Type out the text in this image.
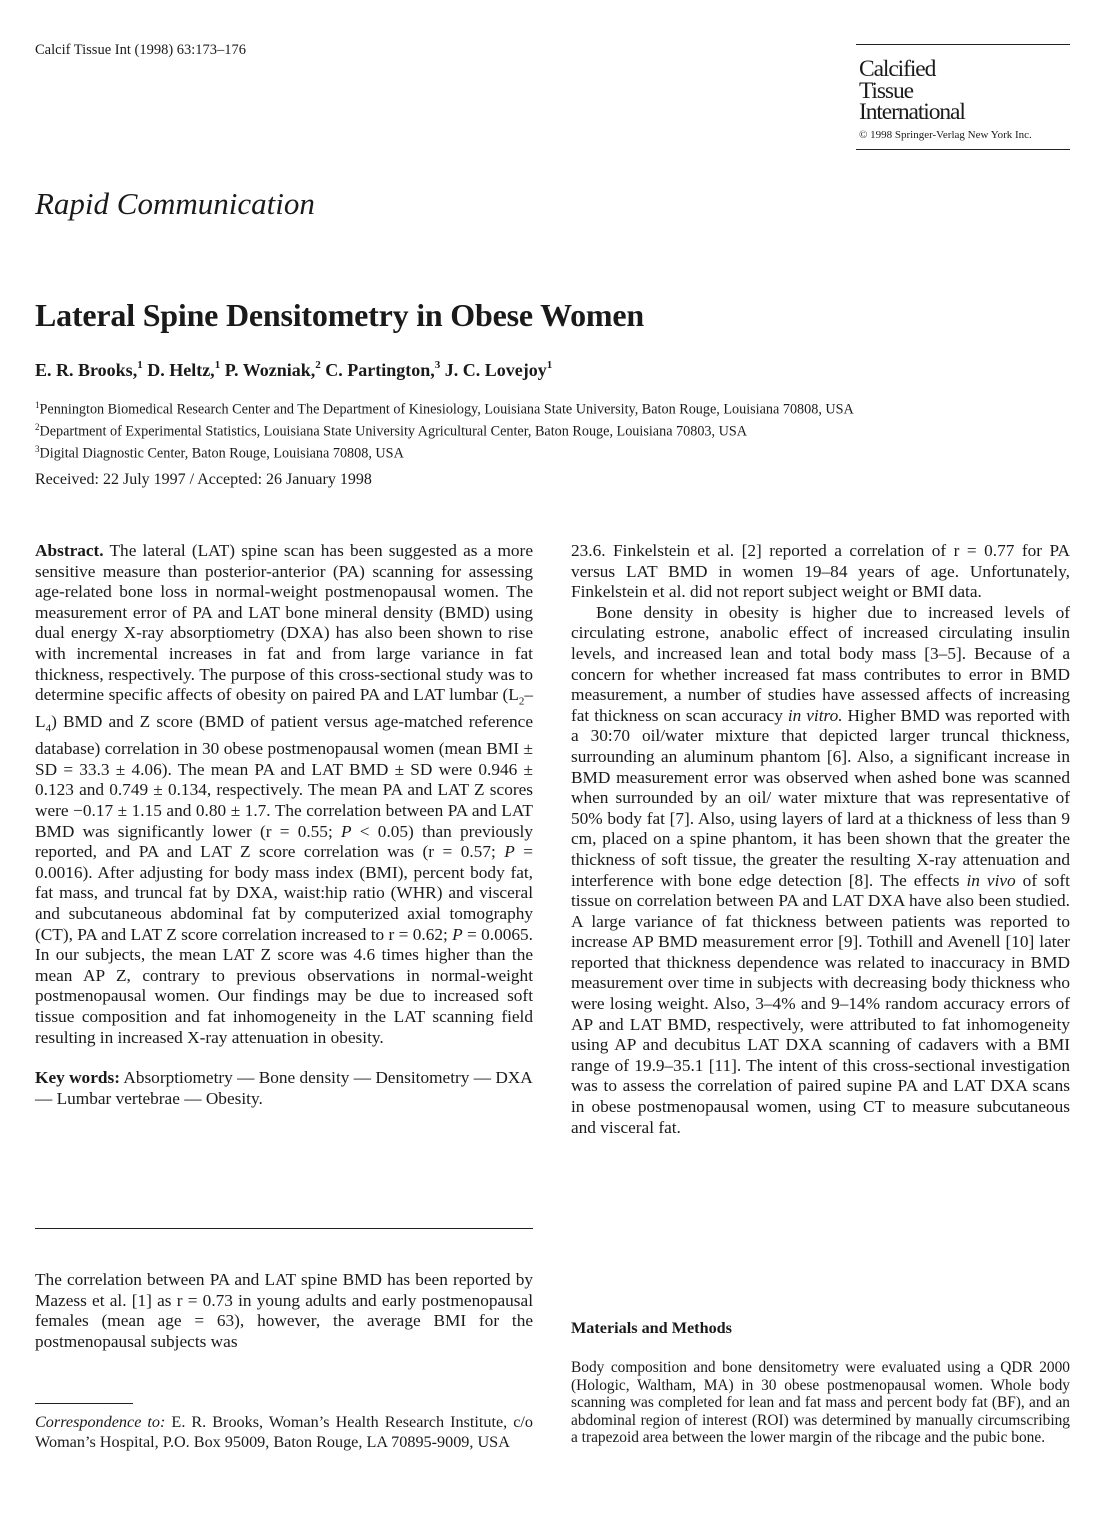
Calcif Tissue Int (1998) 63:173–176
Calcified
Tissue
International
© 1998 Springer-Verlag New York Inc.
Rapid Communication
Lateral Spine Densitometry in Obese Women
E. R. Brooks,$^1$ D. Heltz,$^1$ P. Wozniak,$^2$ C. Partington,$^3$ J. C. Lovejoy$^1$
$^1$Pennington Biomedical Research Center and The Department of Kinesiology, Louisiana State University, Baton Rouge, Louisiana 70808, USA
$^2$Department of Experimental Statistics, Louisiana State University Agricultural Center, Baton Rouge, Louisiana 70803, USA
$^3$Digital Diagnostic Center, Baton Rouge, Louisiana 70808, USA
Received: 22 July 1997 / Accepted: 26 January 1998

Abstract. The lateral (LAT) spine scan has been suggested as a more sensitive measure than posterior-anterior (PA) scanning for assessing age-related bone loss in normal-weight postmenopausal women. The measurement error of PA and LAT bone mineral density (BMD) using dual energy X-ray absorptiometry (DXA) has also been shown to rise with incremental increases in fat and from large variance in fat thickness, respectively. The purpose of this cross-sectional study was to determine specific affects of obesity on paired PA and LAT lumbar $(L_2-L_4)$ BMD and Z score (BMD of patient versus age-matched reference database) correlation in 30 obese postmenopausal women (mean BMI ± SD = 33.3 ± 4.06). The mean PA and LAT BMD ± SD were 0.946 ± 0.123 and 0.749 ± 0.134, respectively. The mean PA and LAT Z scores were −0.17 ± 1.15 and 0.80 ± 1.7. The correlation between PA and LAT BMD was significantly lower (r = 0.55; P < 0.05) than previously reported, and PA and LAT Z score correlation was (r = 0.57; P = 0.0016). After adjusting for body mass index (BMI), percent body fat, fat mass, and truncal fat by DXA, waist:hip ratio (WHR) and visceral and subcutaneous abdominal fat by computerized axial tomography (CT), PA and LAT Z score correlation increased to r = 0.62; P = 0.0065. In our subjects, the mean LAT Z score was 4.6 times higher than the mean AP Z, contrary to previous observations in normal-weight postmenopausal women. Our findings may be due to increased soft tissue composition and fat inhomogeneity in the LAT scanning field resulting in increased X-ray attenuation in obesity.

Key words: Absorptiometry — Bone density — Densitometry — DXA — Lumbar vertebrae — Obesity.

The correlation between PA and LAT spine BMD has been reported by Mazess et al. [1] as r = 0.73 in young adults and early postmenopausal females (mean age = 63), however, the average BMI for the postmenopausal subjects was

Correspondence to: E. R. Brooks, Woman’s Health Research Institute, c/o Woman’s Hospital, P.O. Box 95009, Baton Rouge, LA 70895-9009, USA

23.6. Finkelstein et al. [2] reported a correlation of r = 0.77 for PA versus LAT BMD in women 19–84 years of age. Unfortunately, Finkelstein et al. did not report subject weight or BMI data.

Bone density in obesity is higher due to increased levels of circulating estrone, anabolic effect of increased circulating insulin levels, and increased lean and total body mass [3–5]. Because of a concern for whether increased fat mass contributes to error in BMD measurement, a number of studies have assessed affects of increasing fat thickness on scan accuracy in vitro. Higher BMD was reported with a 30:70 oil/water mixture that depicted larger truncal thickness, surrounding an aluminum phantom [6]. Also, a significant increase in BMD measurement error was observed when ashed bone was scanned when surrounded by an oil/ water mixture that was representative of 50% body fat [7]. Also, using layers of lard at a thickness of less than 9 cm, placed on a spine phantom, it has been shown that the greater the thickness of soft tissue, the greater the resulting X-ray attenuation and interference with bone edge detection [8]. The effects in vivo of soft tissue on correlation between PA and LAT DXA have also been studied. A large variance of fat thickness between patients was reported to increase AP BMD measurement error [9]. Tothill and Avenell [10] later reported that thickness dependence was related to inaccuracy in BMD measurement over time in subjects with decreasing body thickness who were losing weight. Also, 3–4% and 9–14% random accuracy errors of AP and LAT BMD, respectively, were attributed to fat inhomogeneity using AP and decubitus LAT DXA scanning of cadavers with a BMI range of 19.9–35.1 [11]. The intent of this cross-sectional investigation was to assess the correlation of paired supine PA and LAT DXA scans in obese postmenopausal women, using CT to measure subcutaneous and visceral fat.

Materials and Methods

Body composition and bone densitometry were evaluated using a QDR 2000 (Hologic, Waltham, MA) in 30 obese postmenopausal women. Whole body scanning was completed for lean and fat mass and percent body fat (BF), and an abdominal region of interest (ROI) was determined by manually circumscribing a trapezoid area between the lower margin of the ribcage and the pubic bone.
